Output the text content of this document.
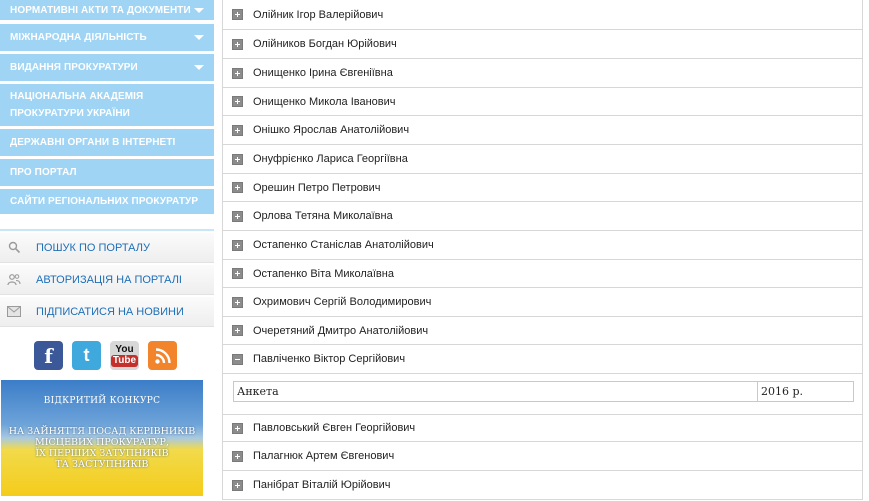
НОРМАТИВНІ АКТИ ТА ДОКУМЕНТИ
МІЖНАРОДНА ДІЯЛЬНІСТЬ
ВИДАННЯ ПРОКУРАТУРИ
НАЦІОНАЛЬНА АКАДЕМІЯ ПРОКУРАТУРИ УКРАЇНИ
ДЕРЖАВНІ ОРГАНИ В ІНТЕРНЕТІ
ПРО ПОРТАЛ
САЙТИ РЕГІОНАЛЬНИХ ПРОКУРАТУР
ПОШУК ПО ПОРТАЛУ
АВТОРИЗАЦІЯ НА ПОРТАЛІ
ПІДПИСАТИСЯ НА НОВИНИ
f t	You
Tube
ВІДКРИТИЙ КОНКУРС
НА ЗАЙНЯТТЯ ПОСАД КЕРІВНИКІВ
МІСЦЕВИХ ПРОКУРАТУР,
ЇХ ПЕРШИХ ЗАТУПНИКІВ
ТА ЗАСТУПНИКІВ
Олійник Ігор Валерійович
Олійников Богдан Юрійович
Онищенко Ірина Євгеніївна
Онищенко Микола Іванович
Онішко Ярослав Анатолійович
Онуфрієнко Лариса Георгіївна
Орешин Петро Петрович
Орлова Тетяна Миколаївна
Остапенко Станіслав Анатолійович
Остапенко Віта Миколаївна
Охримович Сергій Володимирович
Очеретяний Дмитро Анатолійович
Павліченко Віктор Сергійович
Анкета	2016 р.
Павловський Євген Георгійович
Палагнюк Артем Євгенович
Панібрат Віталій Юрійович
